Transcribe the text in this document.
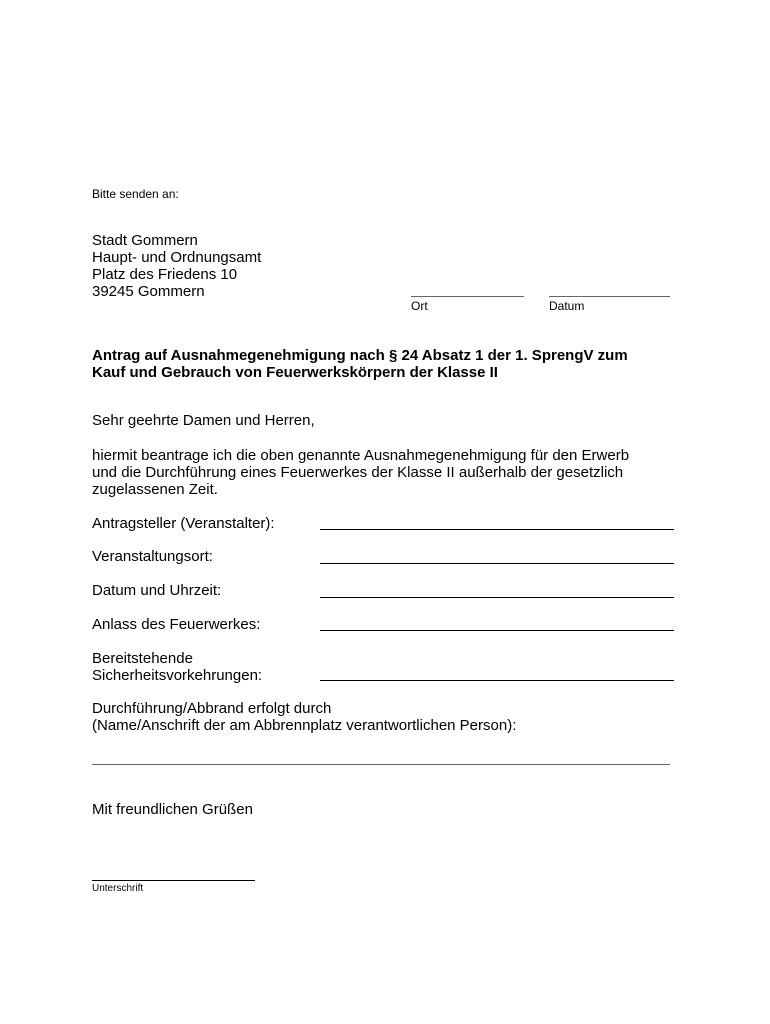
Bitte senden an:
Stadt Gommern
Haupt- und Ordnungsamt
Platz des Friedens 10
39245 Gommern
Ort	Datum
Antrag auf Ausnahmegenehmigung nach § 24 Absatz 1 der 1. SprengV zum
Kauf und Gebrauch von Feuerwerkskörpern der Klasse II
Sehr geehrte Damen und Herren,
hiermit beantrage ich die oben genannte Ausnahmegenehmigung für den Erwerb
und die Durchführung eines Feuerwerkes der Klasse II außerhalb der gesetzlich
zugelassenen Zeit.
Antragsteller (Veranstalter):
Veranstaltungsort:
Datum und Uhrzeit:
Anlass des Feuerwerkes:
Bereitstehende
Sicherheitsvorkehrungen:
Durchführung/Abbrand erfolgt durch
(Name/Anschrift der am Abbrennplatz verantwortlichen Person):
Mit freundlichen Grüßen
Unterschrift
